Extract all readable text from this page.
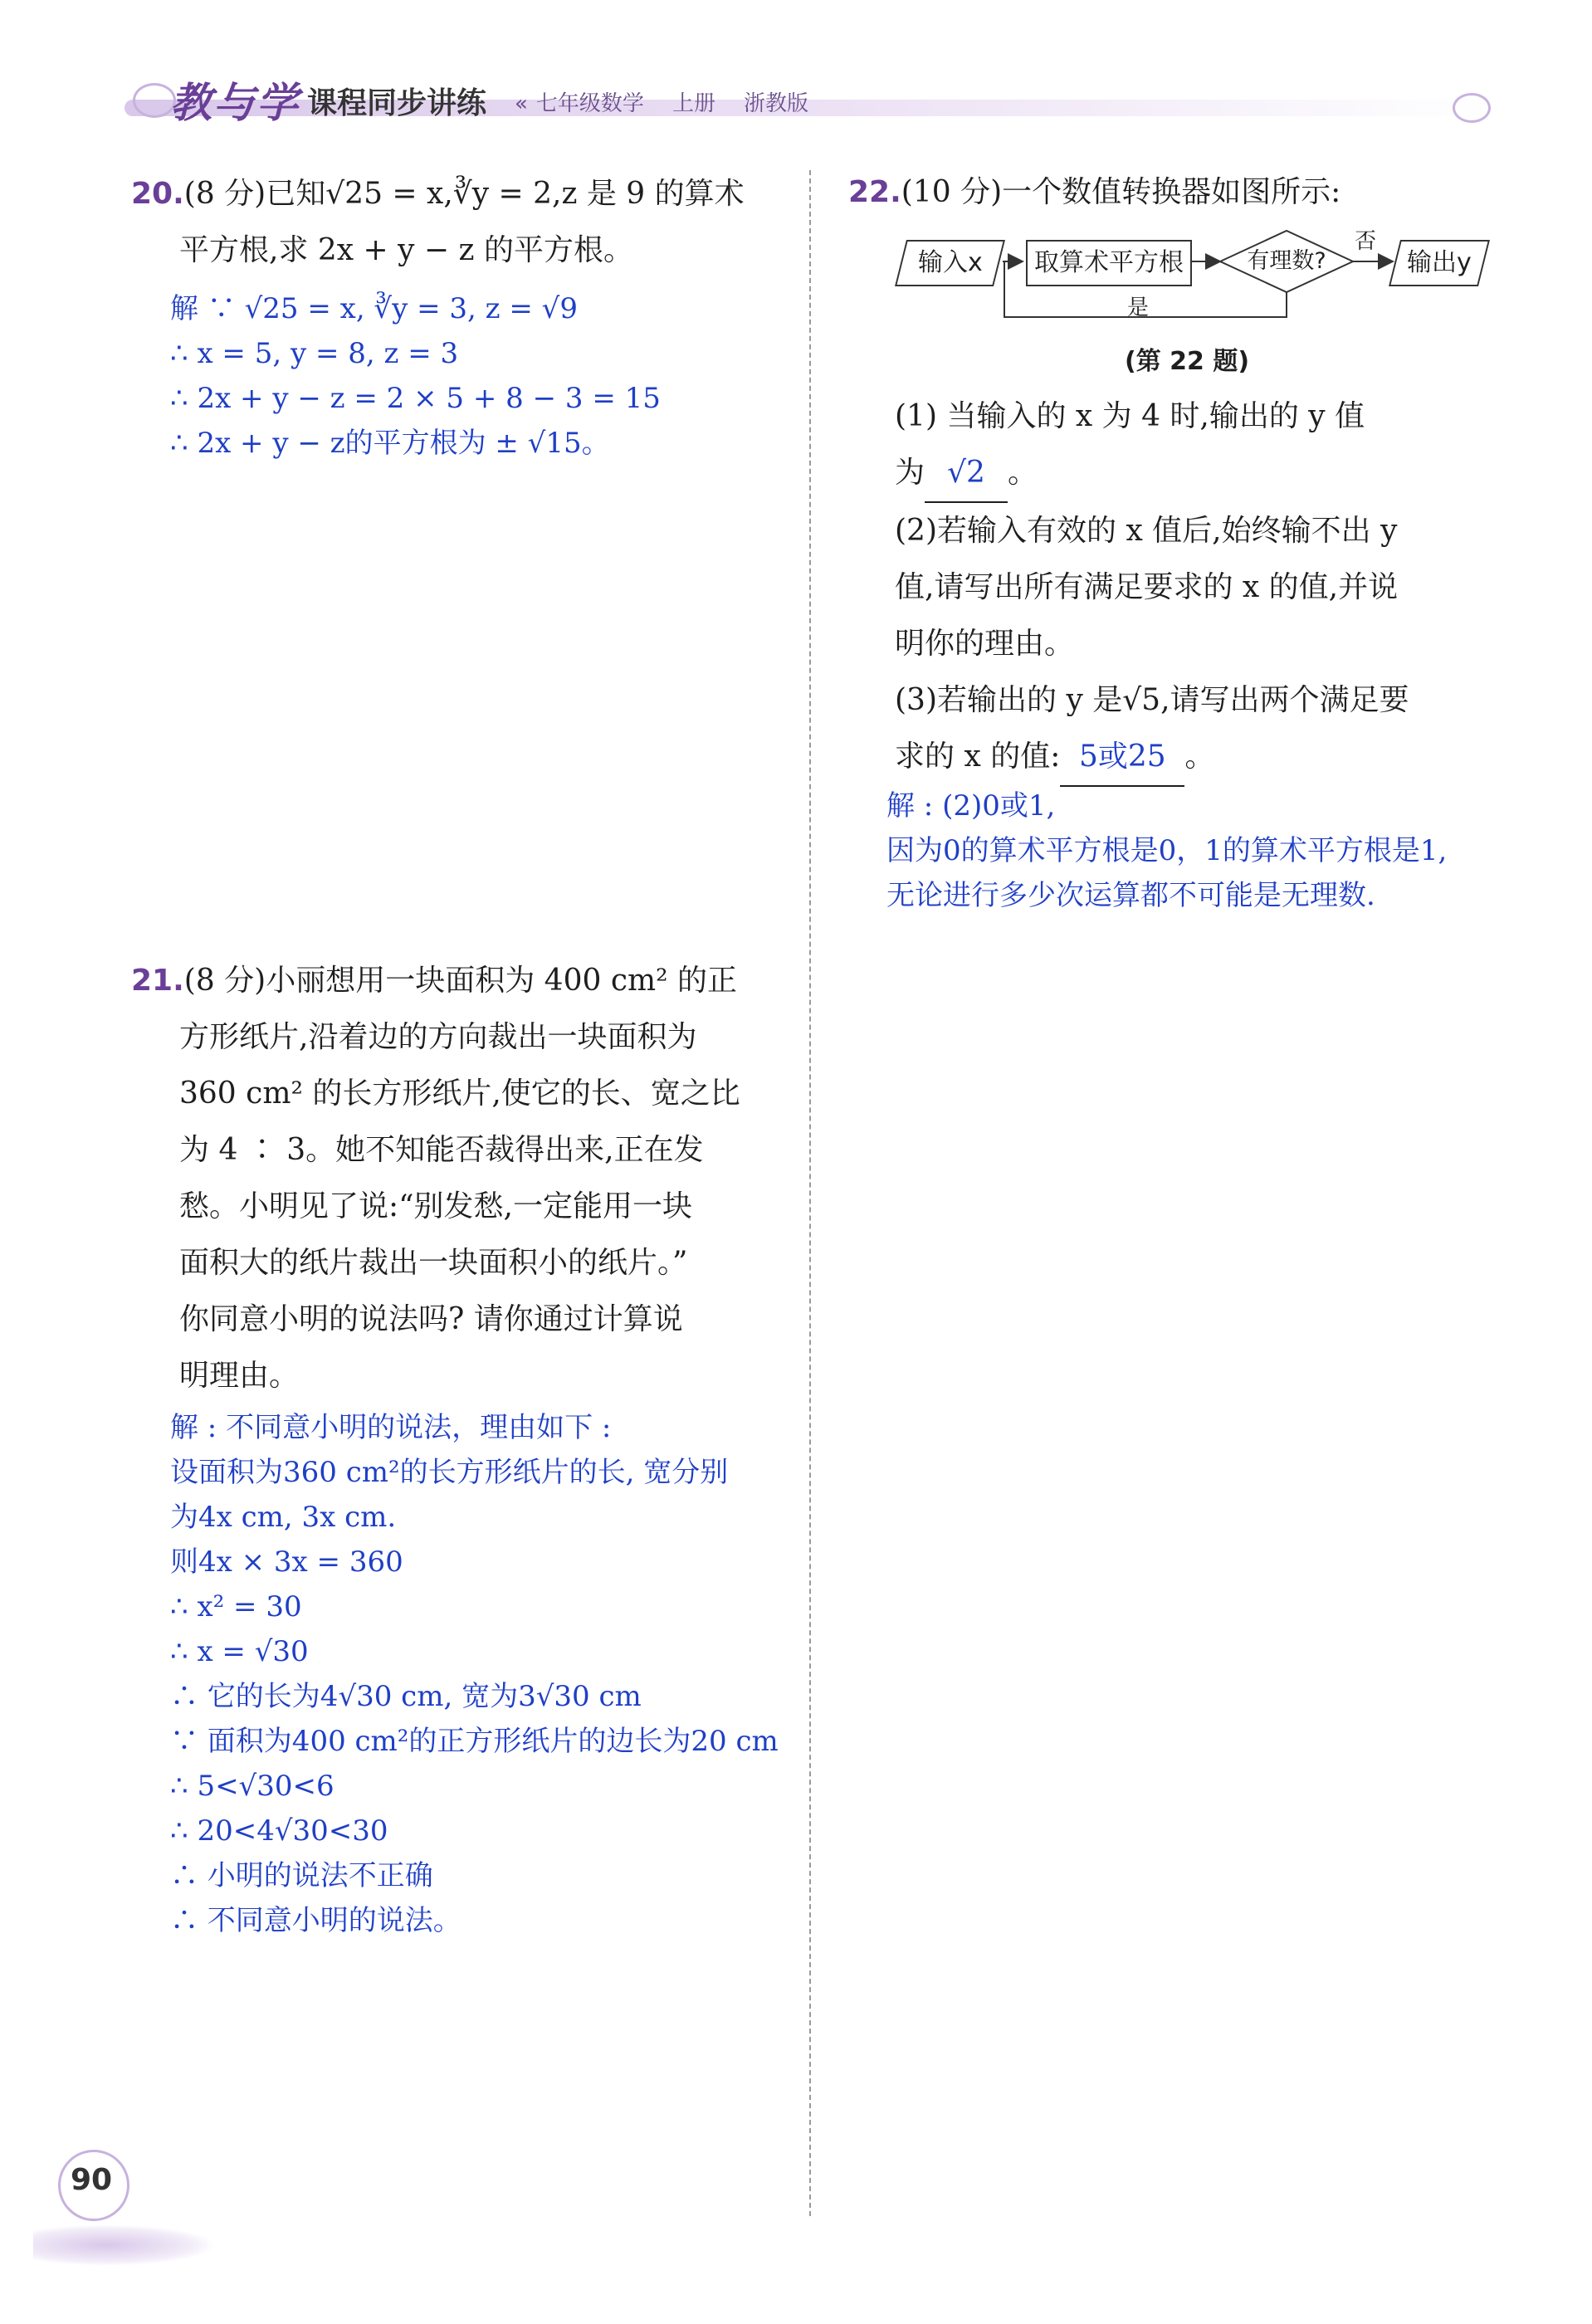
教与学 课程同步讲练 « 七年级数学 上册 浙教版
20.(8 分)已知√25 = x,∛y = 2,z 是 9 的算术
平方根,求 2x + y − z 的平方根。
解 ∵ √25 = x, ∛y = 3, z = √9
∴ x = 5, y = 8, z = 3
∴ 2x + y − z = 2 × 5 + 8 − 3 = 15
∴ 2x + y − z的平方根为 ± √15。
21.(8 分)小丽想用一块面积为 400 cm² 的正
方形纸片,沿着边的方向裁出一块面积为
360 cm² 的长方形纸片,使它的长、宽之比
为 4 ∶ 3。她不知能否裁得出来,正在发
愁。小明见了说:“别发愁,一定能用一块
面积大的纸片裁出一块面积小的纸片。”
你同意小明的说法吗? 请你通过计算说
明理由。
解 : 不同意小明的说法，理由如下 :
设面积为360 cm²的长方形纸片的长, 宽分别
为4x cm, 3x cm.
则4x × 3x = 360
∴ x² = 30
∴ x = √30
∴ 它的长为4√30 cm, 宽为3√30 cm
∵ 面积为400 cm²的正方形纸片的边长为20 cm
∴ 5<√30<6
∴ 20<4√30<30
∴ 小明的说法不正确
∴ 不同意小明的说法。
22.(10 分)一个数值转换器如图所示:
输入x	取算术平方根	有理数?	输出y
否
是
(第 22 题)
(1) 当输入的 x 为 4 时,输出的 y 值
为 √2 。
(2)若输入有效的 x 值后,始终输不出 y
值,请写出所有满足要求的 x 的值,并说
明你的理由。
(3)若输出的 y 是√5,请写出两个满足要
求的 x 的值: 5或25 。
解 : (2)0或1,
因为0的算术平方根是0，1的算术平方根是1,
无论进行多少次运算都不可能是无理数.
90
